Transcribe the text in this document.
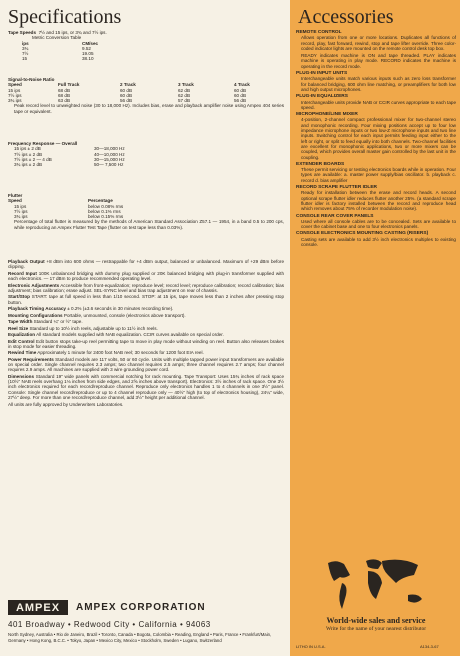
Specifications	Accessories
Tape Speeds 7½ and 15 ips, or 3¾ and 7½ ips.
Metric Conversion Table
ips	CM/sec
3¾	9.52
7½	19.05
15	38.10
Signal-to-Noise Ratio
Speed	Full Track	2 Track	3 Track	4 Track
15 ips	68 dB	60 dB	62 dB	60 dB
7½ ips	68 dB	60 dB	62 dB	60 dB
3¾ ips	63 dB	56 dB	57 dB	56 dB
Peak record level to unweighted noise (30 to 18,000 Hz). Includes bias, erase and playback amplifier noise using Ampex 404 series tape or equivalent.
Frequency Response — Overall
15 ips ± 2 dB	30—18,000 Hz
7½ ips ± 2 dB	40—10,000 Hz
7½ ips ± 2 — 4 dB	30—15,000 Hz
3¾ ips ± 2 dB	50— 7,500 Hz
Flutter
Speed	Percentage
15 ips	below 0.08% rms
7½ ips	below 0.1% rms
3¾ ips	below 0.15% rms
Percentage of total flutter is measured by the methods of American Standard Association Z57.1 — 1954, in a band 0.5 to 200 cps, while reproducing an Ampex Flutter Test Tape (flutter on test tape less than 0.03%).
Playback Output +8 dBm into 600 ohms — restrappable for +4 dBm output, balanced or unbalanced. Maximum of +29 dBm before clipping.
Record Input 100K unbalanced bridging with dummy plug supplied or 20K balanced bridging with plug-in transformer supplied with each electronics. — 17 dBm to produce recommended operating level.
Electronic Adjustments Accessible from front-equalization; reproduce level; record level; reproduce calibration; record calibration; bias adjustment; bias calibration; erase adjust. SEL-SYNC level and bias trap adjustment on rear of chassis.
Start/Stop START: tape at full speed in less than 1/10 second. STOP: at 15 ips, tape moves less than 2 inches after pressing stop button.
Playback Timing Accuracy ± 0.2% (±3.6 seconds in 30 minutes recording time).
Mounting Configurations Portable, unmounted, console (electronics above transport).
Tape Width Standard ¼" or ½" tape.
Reel Size Standard up to 10½ inch reels, adjustable up to 11½ inch reels.
Equalization All standard models supplied with NAB equalization. CCIR curves available on special order.
Edit Control Edit button stops take-up reel permitting tape to move in play mode without winding on reel. Button also releases brakes in stop mode for easier threading.
Rewind Time Approximately 1 minute for 2400 foot NAB reel; 30 seconds for 1200 foot EIA reel.
Power Requirements Standard models are 117 volts, 50 or 60 cycle. Units with multiple tapped power input transformers are available on special order. Single channel requires 2.3 amps; two channel requires 2.5 amps; three channel requires 2.7 amps; four channel requires 2.9 amps. All machines are supplied with 3 wire grounding power cord.
Dimensions Standard 19" wide panels with commercial notching for rack mounting. Tape Transport: Uses 15¾ inches of rack space (10½" NAB reels overhang 1⅛ inches from side edges, and 2⅝ inches above transport). Electronics: 3½ inches of rack space. One 3½ inch electronics required for each record/reproduce channel. Reproduce only electronics handles 1 to 4 channels in one 3½" panel. Console: Single channel record/reproduce or up to 4 channel reproduce only — 40½" high (to top of electronics housing), 24¼" wide, 27½" deep. For more than one record/reproduce channel, add 3½" height per additional channel.
All units are fully approved by Underwriters Laboratories.
AMPEX	AMPEX CORPORATION
401 Broadway • Redwood City • California • 94063
North Sydney, Australia • Rio de Janeiro, Brazil • Toronto, Canada • Bogota, Colombia • Reading, England • Paris, France • Frankfurt/Main, Germany • Hong Kong, B.C.C. • Tokyo, Japan • Mexico City, Mexico • Stockholm, Sweden • Lugano, Switzerland
REMOTE CONTROL
Allows operation from one or more locations. Duplicates all functions of record, play, fast forward, rewind, stop and tape lifter override. Three color-coded indicator lights are mounted on the remote control desk top box.
READY indicates machine is ON and tape threaded. PLAY indicates machine is operating in play mode. RECORD indicates the machine is operating in the record mode.
PLUG-IN INPUT UNITS
Interchangeable units match various inputs such as zero loss transformer for balanced bridging, 600 ohm line matching, or preamplifiers for both low and high output microphones.
PLUG-IN EQUALIZERS
Interchangeable units provide NAB or CCIR curves appropriate to each tape speed.
MICROPHONE/LINE MIXER
4-position, 2-channel compact professional mixer for two-channel stereo and monophonic recording. Four mixing positions accept up to four low impedance microphone inputs or two low-Z microphone inputs and two line inputs. Switching control for each input permits feeding input either to the left or right, or split to feed equally into both channels. Two-channel facilities are excellent for monophonic applications, two or more mixers can be coupled, which provides overall master gain controlled by the last unit in the coupling.
EXTENDER BOARDS
These permit servicing or testing electronics boards while in operation. Four types are available: a. master power supply/bias oscillator. b. playback c. record d. bias amplifier
RECORD SCRAPE FLUTTER IDLER
Ready for installation between the erase and record heads. A second optional scrape flutter idler reduces flutter another 25%. (a standard scrape flutter idler is factory installed between the record and reproduce head which removes about 75% of recorder modulation noise).
CONSOLE REAR COVER PANELS
Used where all console cables are to be concealed. Sets are available to cover the cabinet base and one to four electronics panels.
CONSOLE ELECTRONICS MOUNTING CASTING (RISERS)
Casting sets are available to add 3½ inch electronics multiples to existing console.
World-wide sales and service
Write for the name of your nearest distributor
LITHO IN U.S.A.	A134-3-67
